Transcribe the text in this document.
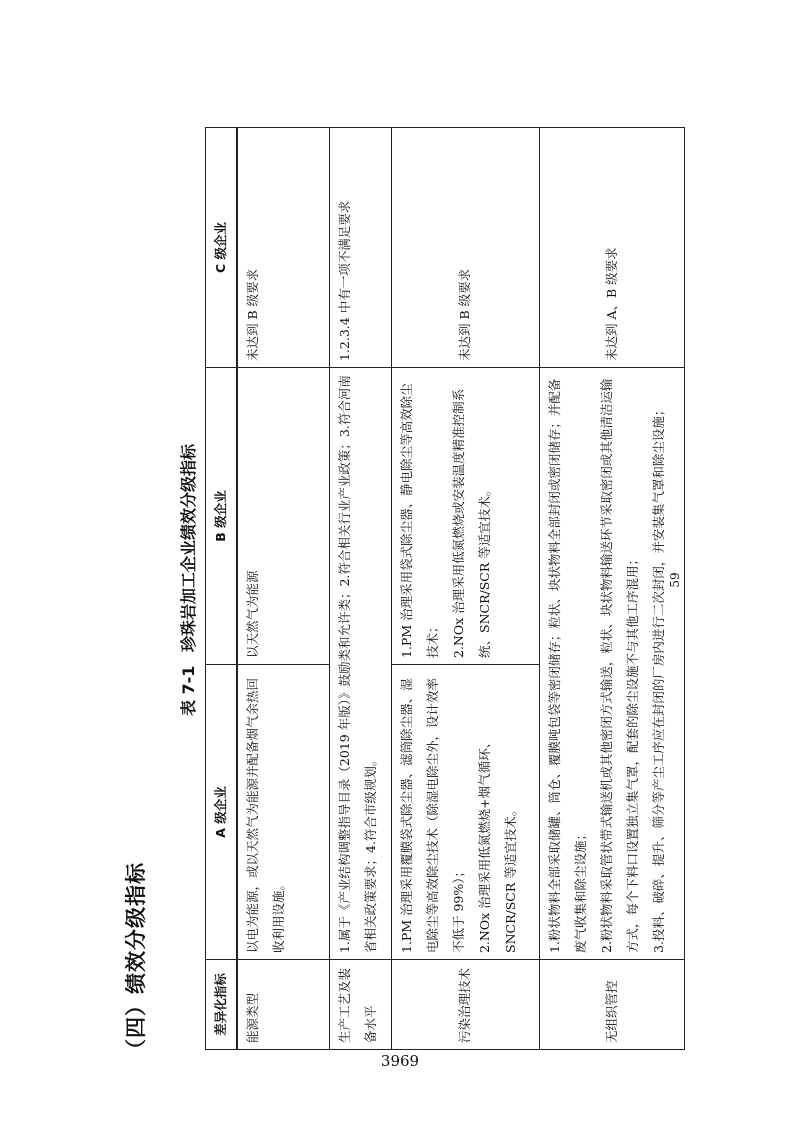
（四）绩效分级指标
表 7-1 珍珠岩加工企业绩效分级指标
差异化指标	A 级企业	B 级企业	C 级企业
能源类型	以电为能源，或以天然气为能源并配备烟气余热回收利用设施。	以天然气为能源	未达到 B 级要求
生产工艺及装备水平	1.属于《产业结构调整指导目录（2019 年版）》鼓励类和允许类；2.符合相关行业产业政策；3.符合河南省相关政策要求；4.符合市级规划。		1.2.3.4 中有一项不满足要求
污染治理技术	1.PM 治理采用覆膜袋式除尘器、滤筒除尘器、湿电除尘等高效除尘技术（除湿电除尘外，设计效率不低于 99%）； 2.NOx 治理采用低氮燃烧+烟气循环、SNCR/SCR 等适宜技术。	1.PM 治理采用袋式除尘器、静电除尘等高效除尘技术； 2.NOx 治理采用低氮燃烧或安装温度精准控制系统、SNCR/SCR 等适宜技术。	未达到 B 级要求
无组织管控	1.粉状物料全部采取储罐、筒仓、覆膜吨包袋等密闭储存；粒状、块状物料全部封闭或密闭储存；并配备废气收集和除尘设施； 2.粉状物料采取管状带式输送机或其他密闭方式输送，粒状、块状物料输送环节采取密闭或其他清洁运输方式，每个下料口设置独立集气罩，配套的除尘设施不与其他工序混用； 3.投料、破碎、提升、筛分等产尘工序应在封闭的厂房内进行二次封闭，并安装集气罩和除尘设施；		未达到 A、B 级要求
59
3969
